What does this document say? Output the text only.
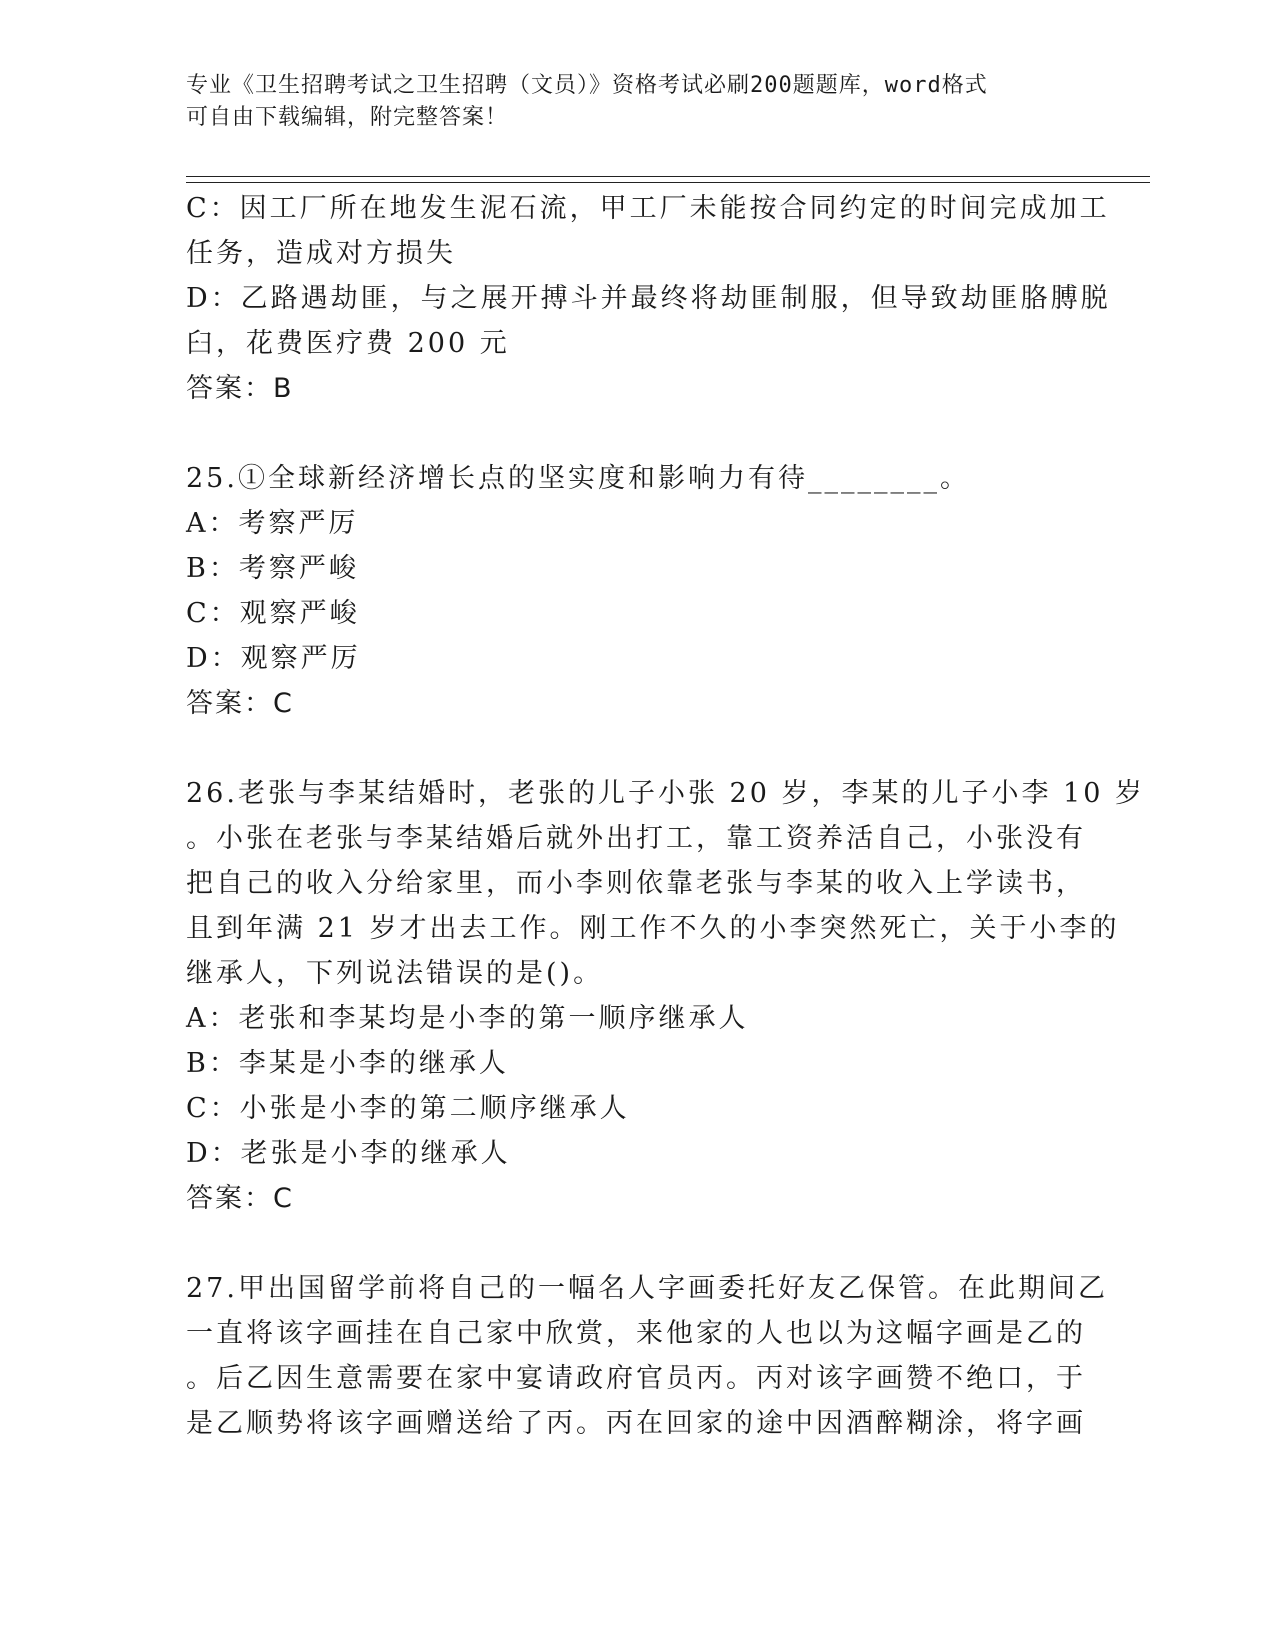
专业《卫生招聘考试之卫生招聘（文员）》资格考试必刷200题题库，word格式
可自由下载编辑，附完整答案！
C：因工厂所在地发生泥石流，甲工厂未能按合同约定的时间完成加工
任务，造成对方损失
D：乙路遇劫匪，与之展开搏斗并最终将劫匪制服，但导致劫匪胳膊脱
臼，花费医疗费 200 元
答案：B
25.①全球新经济增长点的坚实度和影响力有待________。
A：考察严厉
B：考察严峻
C：观察严峻
D：观察严厉
答案：C
26.老张与李某结婚时，老张的儿子小张 20 岁，李某的儿子小李 10 岁
。小张在老张与李某结婚后就外出打工，靠工资养活自己，小张没有
把自己的收入分给家里，而小李则依靠老张与李某的收入上学读书，
且到年满 21 岁才出去工作。刚工作不久的小李突然死亡，关于小李的
继承人，下列说法错误的是()。
A：老张和李某均是小李的第一顺序继承人
B：李某是小李的继承人
C：小张是小李的第二顺序继承人
D：老张是小李的继承人
答案：C
27.甲出国留学前将自己的一幅名人字画委托好友乙保管。在此期间乙
一直将该字画挂在自己家中欣赏，来他家的人也以为这幅字画是乙的
。后乙因生意需要在家中宴请政府官员丙。丙对该字画赞不绝口，于
是乙顺势将该字画赠送给了丙。丙在回家的途中因酒醉糊涂，将字画
